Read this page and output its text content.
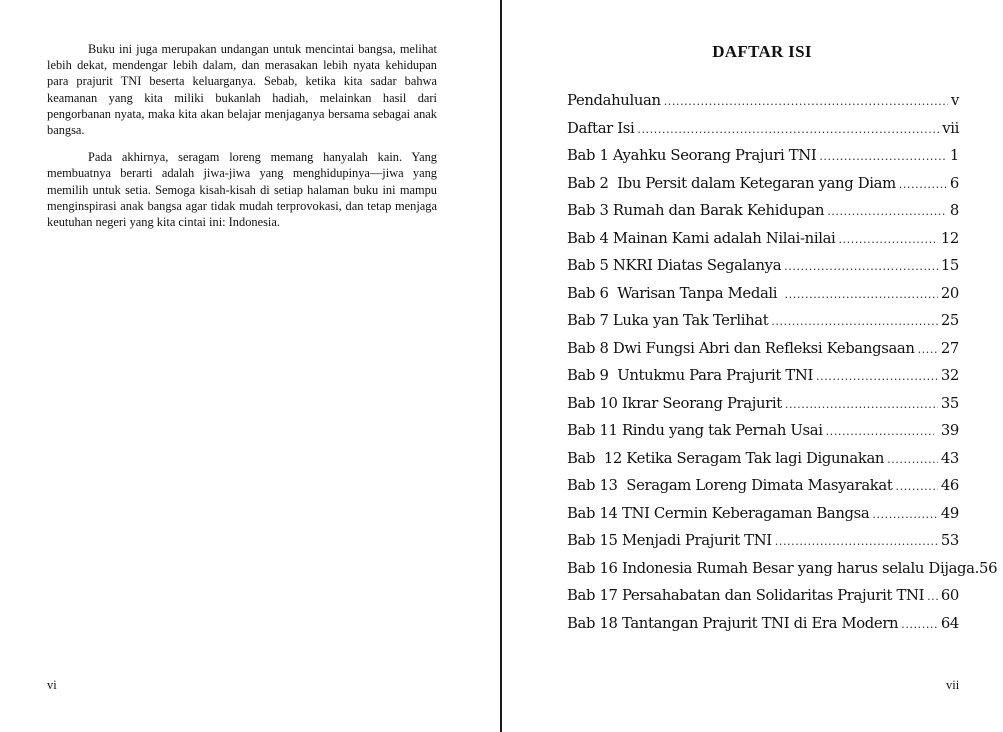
Buku ini juga merupakan undangan untuk mencintai bangsa, melihat lebih dekat, mendengar lebih dalam, dan merasakan lebih nyata kehidupan para prajurit TNI beserta keluarganya. Sebab, ketika kita sadar bahwa keamanan yang kita miliki bukanlah hadiah, melainkan hasil dari pengorbanan nyata, maka kita akan belajar menjaganya bersama sebagai anak bangsa.

Pada akhirnya, seragam loreng memang hanyalah kain. Yang membuatnya berarti adalah jiwa-jiwa yang menghidupinya—jiwa yang memilih untuk setia. Semoga kisah-kisah di setiap halaman buku ini mampu menginspirasi anak bangsa agar tidak mudah terprovokasi, dan tetap menjaga keutuhan negeri yang kita cintai ini: Indonesia.

vi
DAFTAR ISI
Pendahuluan .....	v
Daftar Isi .....	vii
Bab 1 Ayahku Seorang Prajuri TNI .....	1
Bab 2  Ibu Persit dalam Ketegaran yang Diam .....	6
Bab 3 Rumah dan Barak Kehidupan .....	8
Bab 4 Mainan Kami adalah Nilai-nilai .....	12
Bab 5 NKRI Diatas Segalanya .....	15
Bab 6  Warisan Tanpa Medali .....	20
Bab 7 Luka yan Tak Terlihat .....	25
Bab 8 Dwi Fungsi Abri dan Refleksi Kebangsaan ..... 27
Bab 9  Untukmu Para Prajurit TNI .....	32
Bab 10 Ikrar Seorang Prajurit .....	35
Bab 11 Rindu yang tak Pernah Usai .....	39
Bab  12 Ketika Seragam Tak lagi Digunakan .....	43
Bab 13  Seragam Loreng Dimata Masyarakat .....	46
Bab 14 TNI Cermin Keberagaman Bangsa .....	49
Bab 15 Menjadi Prajurit TNI .....	53
Bab 16 Indonesia Rumah Besar yang harus selalu Dijaga. 56
Bab 17 Persahabatan dan Solidaritas Prajurit TNI ..... 60
Bab 18 Tantangan Prajurit TNI di Era Modern .....	64
vii
